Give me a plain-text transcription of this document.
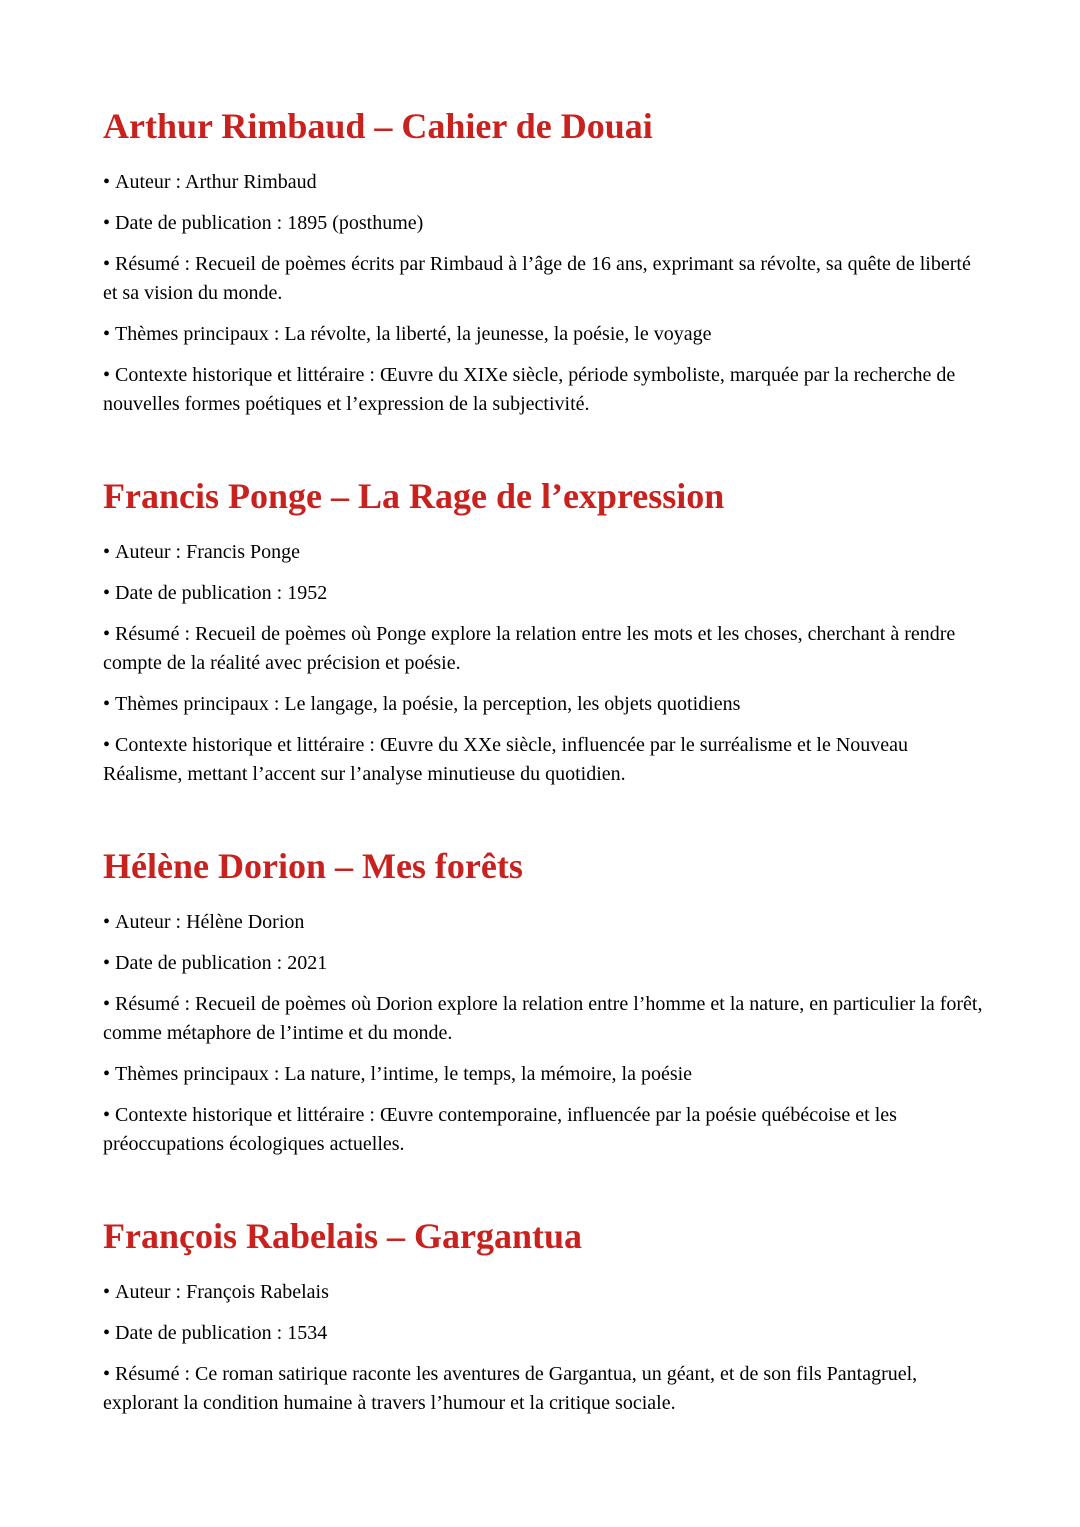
Arthur Rimbaud – Cahier de Douai

• Auteur : Arthur Rimbaud

• Date de publication : 1895 (posthume)

• Résumé : Recueil de poèmes écrits par Rimbaud à l’âge de 16 ans, exprimant sa révolte, sa quête de liberté et sa vision du monde.

• Thèmes principaux : La révolte, la liberté, la jeunesse, la poésie, le voyage

• Contexte historique et littéraire : Œuvre du XIXe siècle, période symboliste, marquée par la recherche de nouvelles formes poétiques et l’expression de la subjectivité.

Francis Ponge – La Rage de l’expression

• Auteur : Francis Ponge

• Date de publication : 1952

• Résumé : Recueil de poèmes où Ponge explore la relation entre les mots et les choses, cherchant à rendre compte de la réalité avec précision et poésie.

• Thèmes principaux : Le langage, la poésie, la perception, les objets quotidiens

• Contexte historique et littéraire : Œuvre du XXe siècle, influencée par le surréalisme et le Nouveau Réalisme, mettant l’accent sur l’analyse minutieuse du quotidien.

Hélène Dorion – Mes forêts

• Auteur : Hélène Dorion

• Date de publication : 2021

• Résumé : Recueil de poèmes où Dorion explore la relation entre l’homme et la nature, en particulier la forêt, comme métaphore de l’intime et du monde.

• Thèmes principaux : La nature, l’intime, le temps, la mémoire, la poésie

• Contexte historique et littéraire : Œuvre contemporaine, influencée par la poésie québécoise et les préoccupations écologiques actuelles.

François Rabelais – Gargantua

• Auteur : François Rabelais

• Date de publication : 1534

• Résumé : Ce roman satirique raconte les aventures de Gargantua, un géant, et de son fils Pantagruel, explorant la condition humaine à travers l’humour et la critique sociale.
